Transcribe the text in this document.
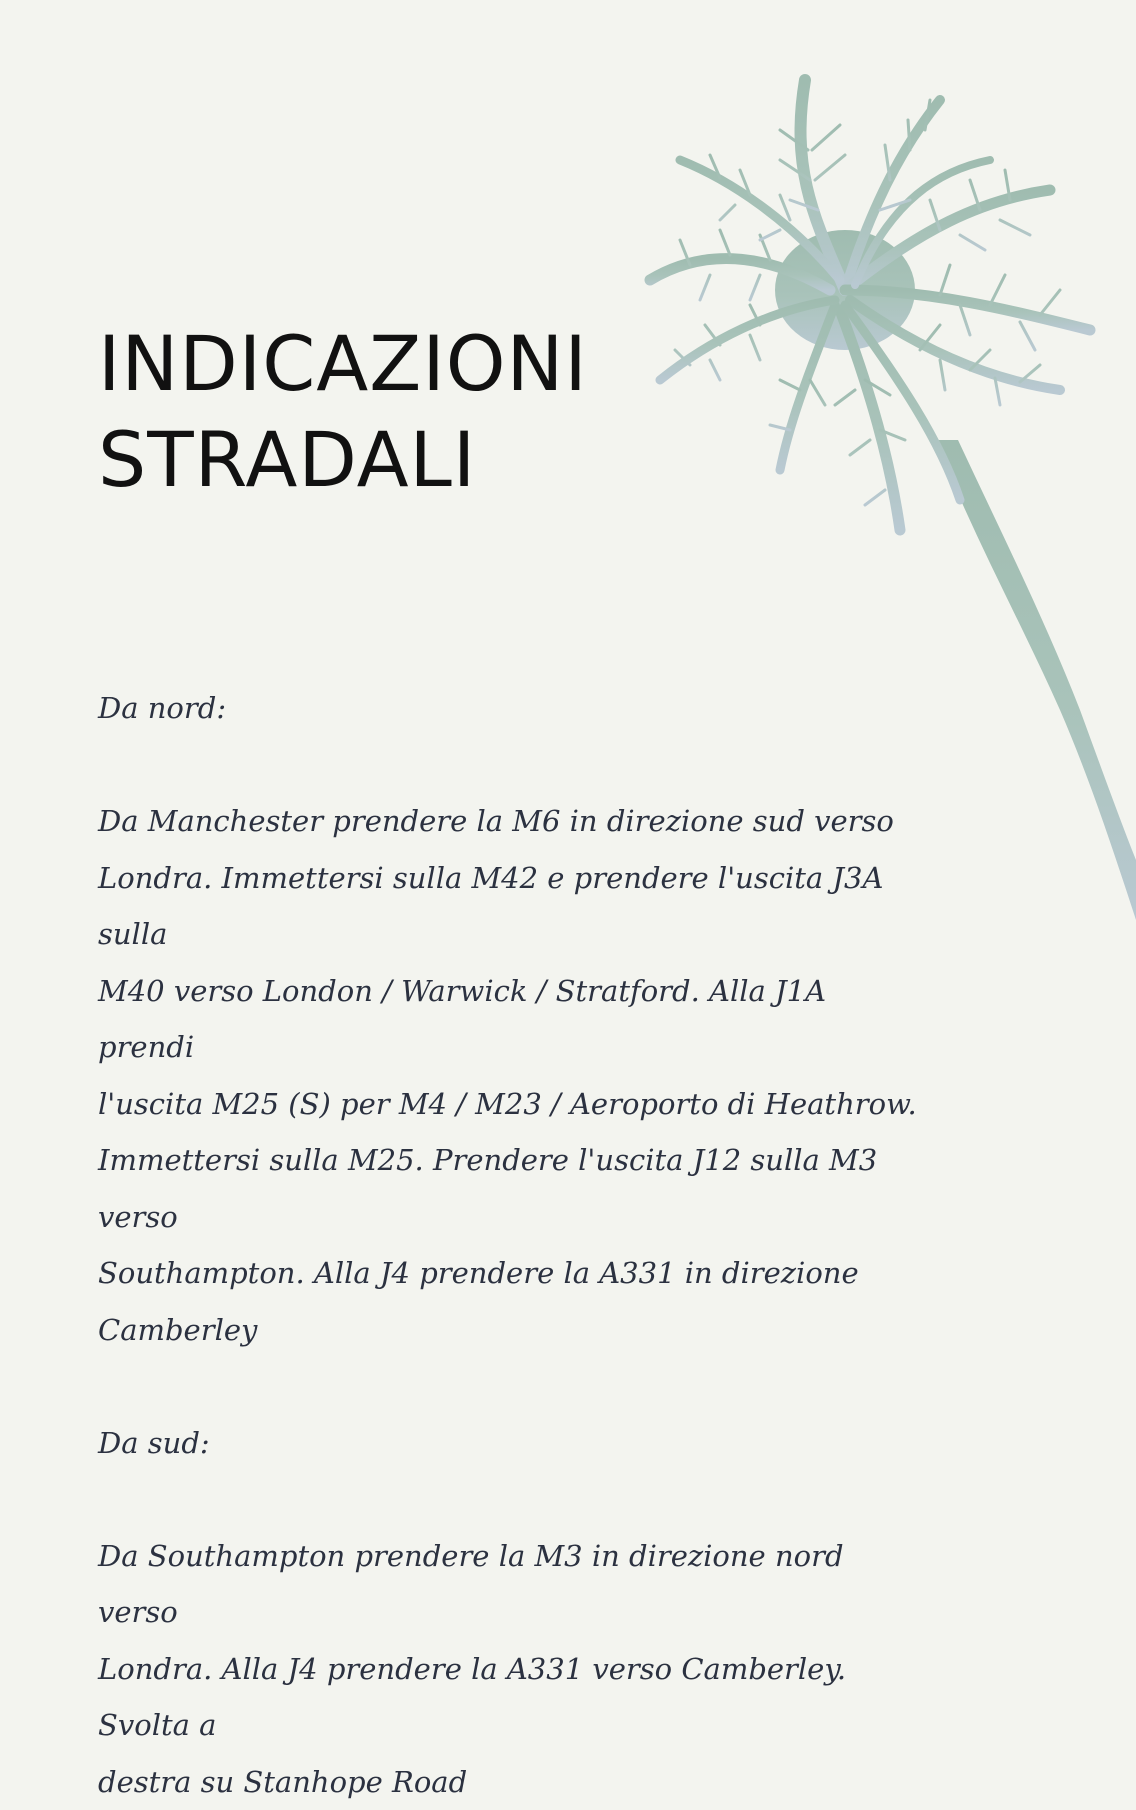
INDICAZIONI
STRADALI

Da nord:

Da Manchester prendere la M6 in direzione sud verso

Londra. Immettersi sulla M42 e prendere l'uscita J3A sulla

M40 verso London / Warwick / Stratford. Alla J1A prendi

l'uscita M25 (S) per M4 / M23 / Aeroporto di Heathrow.

Immettersi sulla M25. Prendere l'uscita J12 sulla M3 verso

Southampton. Alla J4 prendere la A331 in direzione

Camberley

Da sud:

Da Southampton prendere la M3 in direzione nord verso

Londra. Alla J4 prendere la A331 verso Camberley. Svolta a

destra su Stanhope Road
